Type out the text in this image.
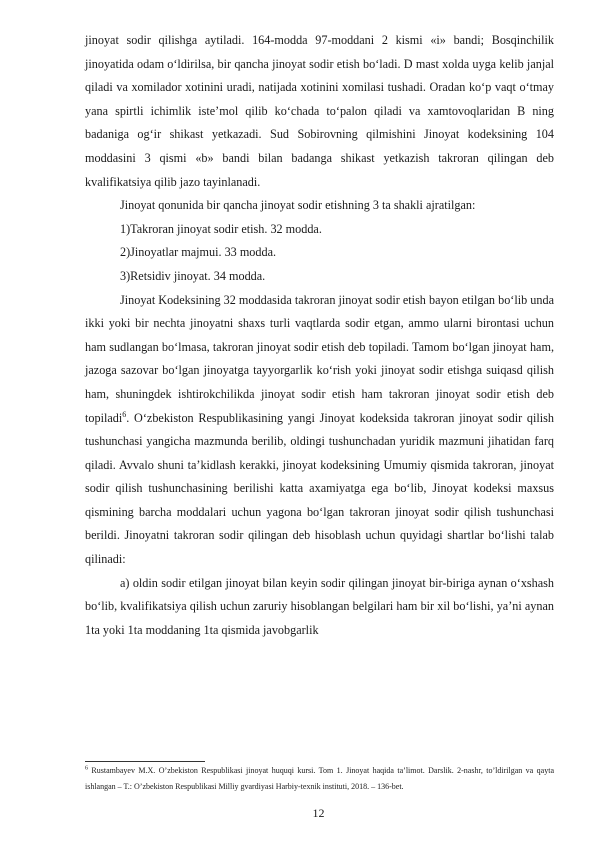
jinoyat sodir qilishga aytiladi. 164-modda 97-moddani 2 kismi «i» bandi; Bosqinchilik jinoyatida odam o‘ldirilsa, bir qancha jinoyat sodir etish bo‘ladi. D mast xolda uyga kelib janjal qiladi va xomilador xotinini uradi, natijada xotinini xomilasi tushadi. Oradan ko‘p vaqt o‘tmay yana spirtli ichimlik iste’mol qilib ko‘chada to‘palon qiladi va xamtovoqlaridan B ning badaniga og‘ir shikast yetkazadi. Sud Sobirovning qilmishini Jinoyat kodeksining 104 moddasini 3 qismi «b» bandi bilan badanga shikast yetkazish takroran qilingan deb kvalifikatsiya qilib jazo tayinlanadi.

Jinoyat qonunida bir qancha jinoyat sodir etishning 3 ta shakli ajratilgan:

1)Takroran jinoyat sodir etish. 32 modda.

2)Jinoyatlar majmui. 33 modda.

3)Retsidiv jinoyat. 34 modda.

Jinoyat Kodeksining 32 moddasida takroran jinoyat sodir etish bayon etilgan bo‘lib unda ikki yoki bir nechta jinoyatni shaxs turli vaqtlarda sodir etgan, ammo ularni birontasi uchun ham sudlangan bo‘lmasa, takroran jinoyat sodir etish deb topiladi. Tamom bo‘lgan jinoyat ham, jazoga sazovar bo‘lgan jinoyatga tayyorgarlik ko‘rish yoki jinoyat sodir etishga suiqasd qilish ham, shuningdek ishtirokchilikda jinoyat sodir etish ham takroran jinoyat sodir etish deb topiladi$^6$. O‘zbekiston Respublikasining yangi Jinoyat kodeksida takroran jinoyat sodir qilish tushunchasi yangicha mazmunda berilib, oldingi tushunchadan yuridik mazmuni jihatidan farq qiladi. Avvalo shuni ta’kidlash kerakki, jinoyat kodeksining Umumiy qismida takroran, jinoyat sodir qilish tushunchasining berilishi katta axamiyatga ega bo‘lib, Jinoyat kodeksi maxsus qismining barcha moddalari uchun yagona bo‘lgan takroran jinoyat sodir qilish tushunchasi berildi. Jinoyatni takroran sodir qilingan deb hisoblash uchun quyidagi shartlar bo‘lishi talab qilinadi:

a) oldin sodir etilgan jinoyat bilan keyin sodir qilingan jinoyat bir-biriga aynan o‘xshash bo‘lib, kvalifikatsiya qilish uchun zaruriy hisoblangan belgilari ham bir xil bo‘lishi, ya’ni aynan 1ta yoki 1ta moddaning 1ta qismida javobgarlik

$^6$ Rustambayev M.X. O’zbekiston Respublikasi jinoyat huquqi kursi. Tom 1. Jinoyat haqida ta’limot. Darslik. 2-nashr, to’ldirilgan va qayta ishlangan – T.: O’zbekiston Respublikasi Milliy gvardiyasi Harbiy-texnik instituti, 2018. – 136-bet.

12
